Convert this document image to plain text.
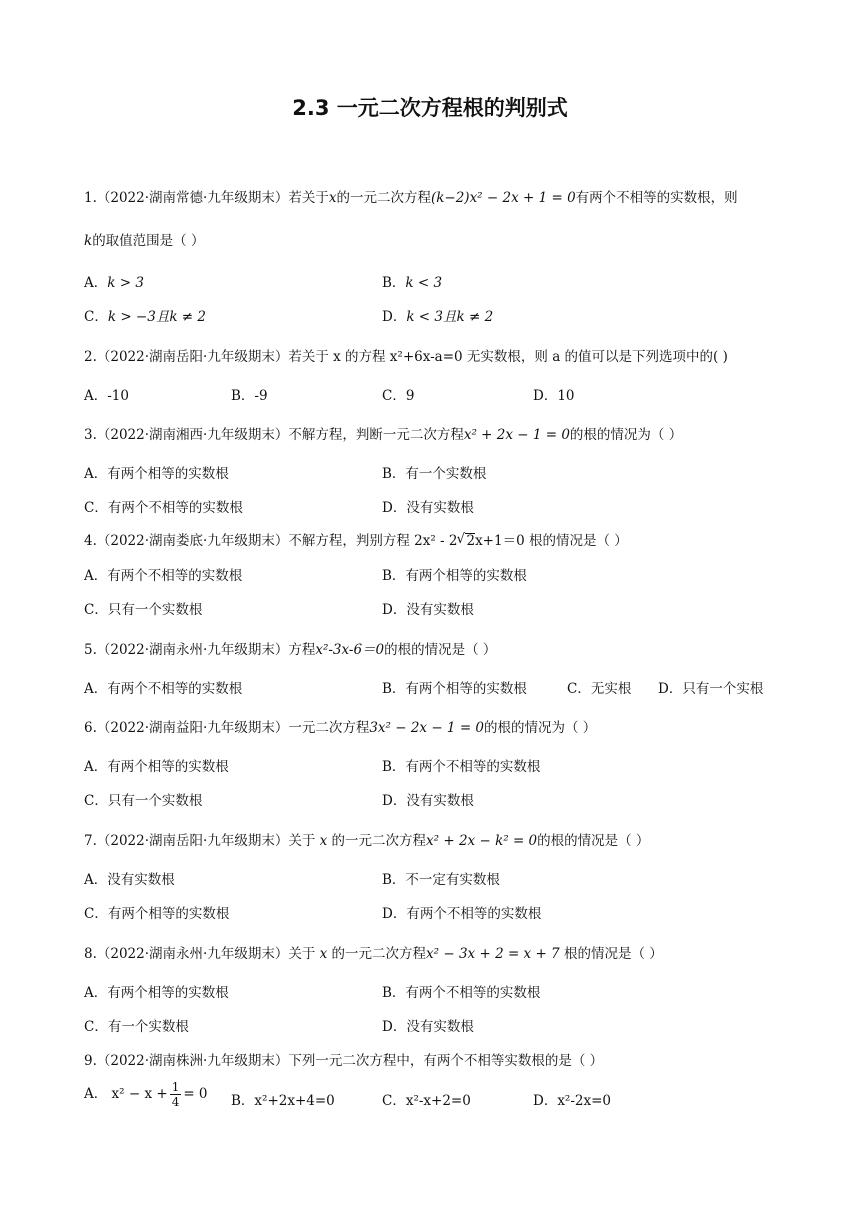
2.3 一元二次方程根的判别式
1.（2022·湖南常德·九年级期末）若关于x的一元二次方程(k−2)x² − 2x + 1 = 0有两个不相等的实数根，则
k的取值范围是（ ）
A．k > 3	B．k < 3
C．k > −3且k ≠ 2	D．k < 3且k ≠ 2
2.（2022·湖南岳阳·九年级期末）若关于 x 的方程 x²+6x-a=0 无实数根，则 a 的值可以是下列选项中的( )
A．-10	B．-9	C．9	D．10
3.（2022·湖南湘西·九年级期末）不解方程，判断一元二次方程x² + 2x − 1 = 0的根的情况为（ ）
A．有两个相等的实数根	B．有一个实数根
C．有两个不相等的实数根	D．没有实数根
4.（2022·湖南娄底·九年级期末）不解方程，判别方程 2x² - 2√ 2x+1＝0 根的情况是（ ）
A．有两个不相等的实数根	B．有两个相等的实数根
C．只有一个实数根	D．没有实数根
5.（2022·湖南永州·九年级期末）方程x²-3x-6＝0的根的情况是（ ）
A．有两个不相等的实数根	B．有两个相等的实数根	C．无实根 D．只有一个实根
6.（2022·湖南益阳·九年级期末）一元二次方程3x² − 2x − 1 = 0的根的情况为（ ）
A．有两个相等的实数根	B．有两个不相等的实数根
C．只有一个实数根	D．没有实数根
7.（2022·湖南岳阳·九年级期末）关于 x 的一元二次方程x² + 2x − k² = 0的根的情况是（ ）
A．没有实数根	B．不一定有实数根
C．有两个相等的实数根	D．有两个不相等的实数根
8.（2022·湖南永州·九年级期末）关于 x 的一元二次方程x² − 3x + 2 = x + 7 根的情况是（ ）
A．有两个相等的实数根	B．有两个不相等的实数根
C．有一个实数根	D．没有实数根
9.（2022·湖南株洲·九年级期末）下列一元二次方程中，有两个不相等实数根的是（ ）
A． $x^2 - x + \frac{1}{4} = 0$ B．x²+2x+4=0	C．x²-x+2=0	D．x²-2x=0
